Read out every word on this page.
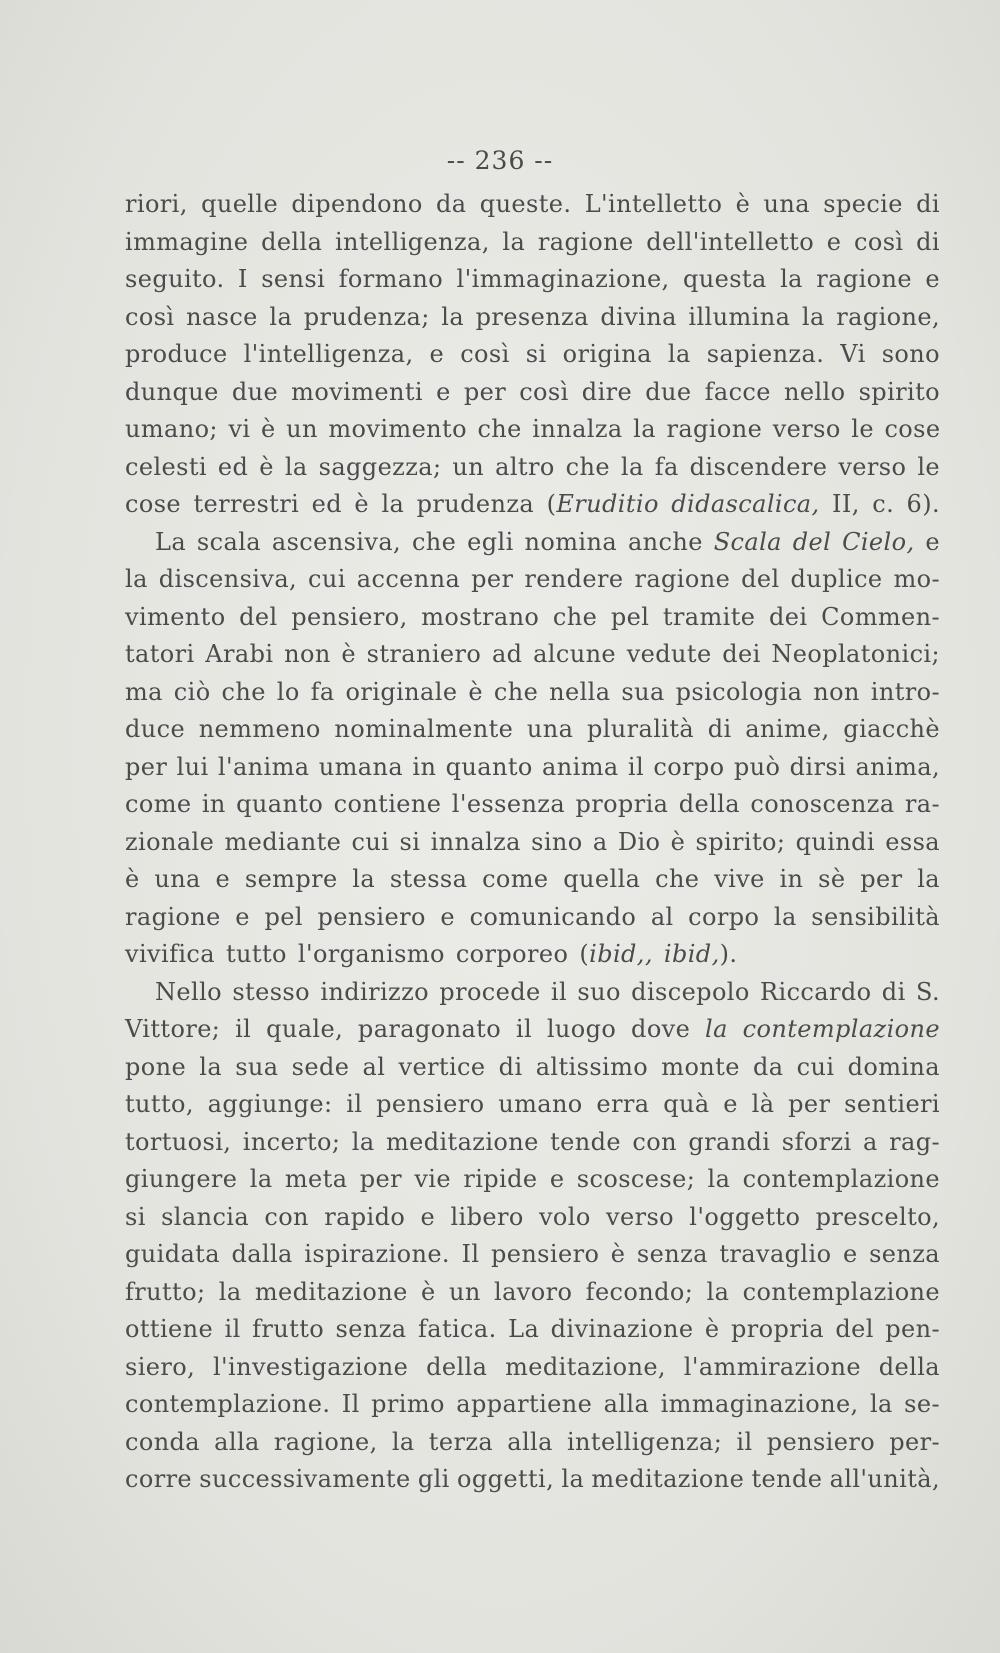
-- 236 --
riori, quelle dipendono da queste. L'intelletto è una specie di
immagine della intelligenza, la ragione dell'intelletto e così di
seguito. I sensi formano l'immaginazione, questa la ragione e
così nasce la prudenza; la presenza divina illumina la ragione,
produce l'intelligenza, e così si origina la sapienza. Vi sono
dunque due movimenti e per così dire due facce nello spirito
umano; vi è un movimento che innalza la ragione verso le cose
celesti ed è la saggezza; un altro che la fa discendere verso le
cose terrestri ed è la prudenza (Eruditio didascalica, II, c. 6).
La scala ascensiva, che egli nomina anche Scala del Cielo, e
la discensiva, cui accenna per rendere ragione del duplice mo-
vimento del pensiero, mostrano che pel tramite dei Commen-
tatori Arabi non è straniero ad alcune vedute dei Neoplatonici;
ma ciò che lo fa originale è che nella sua psicologia non intro-
duce nemmeno nominalmente una pluralità di anime, giacchè
per lui l'anima umana in quanto anima il corpo può dirsi anima,
come in quanto contiene l'essenza propria della conoscenza ra-
zionale mediante cui si innalza sino a Dio è spirito; quindi essa
è una e sempre la stessa come quella che vive in sè per la
ragione e pel pensiero e comunicando al corpo la sensibilità
vivifica tutto l'organismo corporeo (ibid,, ibid,).
Nello stesso indirizzo procede il suo discepolo Riccardo di S.
Vittore; il quale, paragonato il luogo dove la contemplazione
pone la sua sede al vertice di altissimo monte da cui domina
tutto, aggiunge: il pensiero umano erra quà e là per sentieri
tortuosi, incerto; la meditazione tende con grandi sforzi a rag-
giungere la meta per vie ripide e scoscese; la contemplazione
si slancia con rapido e libero volo verso l'oggetto prescelto,
guidata dalla ispirazione. Il pensiero è senza travaglio e senza
frutto; la meditazione è un lavoro fecondo; la contemplazione
ottiene il frutto senza fatica. La divinazione è propria del pen-
siero, l'investigazione della meditazione, l'ammirazione della
contemplazione. Il primo appartiene alla immaginazione, la se-
conda alla ragione, la terza alla intelligenza; il pensiero per-
corre successivamente gli oggetti, la meditazione tende all'unità,
